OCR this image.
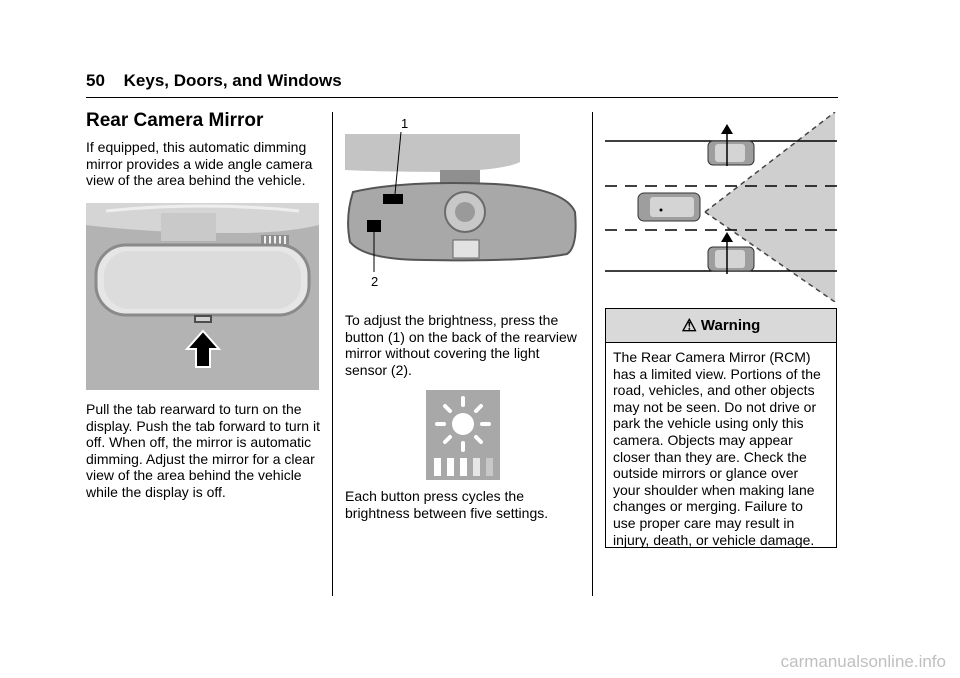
50 Keys, Doors, and Windows
Rear Camera Mirror
If equipped, this automatic dimming mirror provides a wide angle camera view of the area behind the vehicle.
Pull the tab rearward to turn on the display. Push the tab forward to turn it off. When off, the mirror is automatic dimming. Adjust the mirror for a clear view of the area behind the vehicle while the display is off.
1
2
To adjust the brightness, press the button (1) on the back of the rearview mirror without covering the light sensor (2).
Each button press cycles the brightness between five settings.
⚠ Warning
The Rear Camera Mirror (RCM) has a limited view. Portions of the road, vehicles, and other objects may not be seen. Do not drive or park the vehicle using only this camera. Objects may appear closer than they are. Check the outside mirrors or glance over your shoulder when making lane changes or merging. Failure to use proper care may result in injury, death, or vehicle damage.
carmanualsonline.info
